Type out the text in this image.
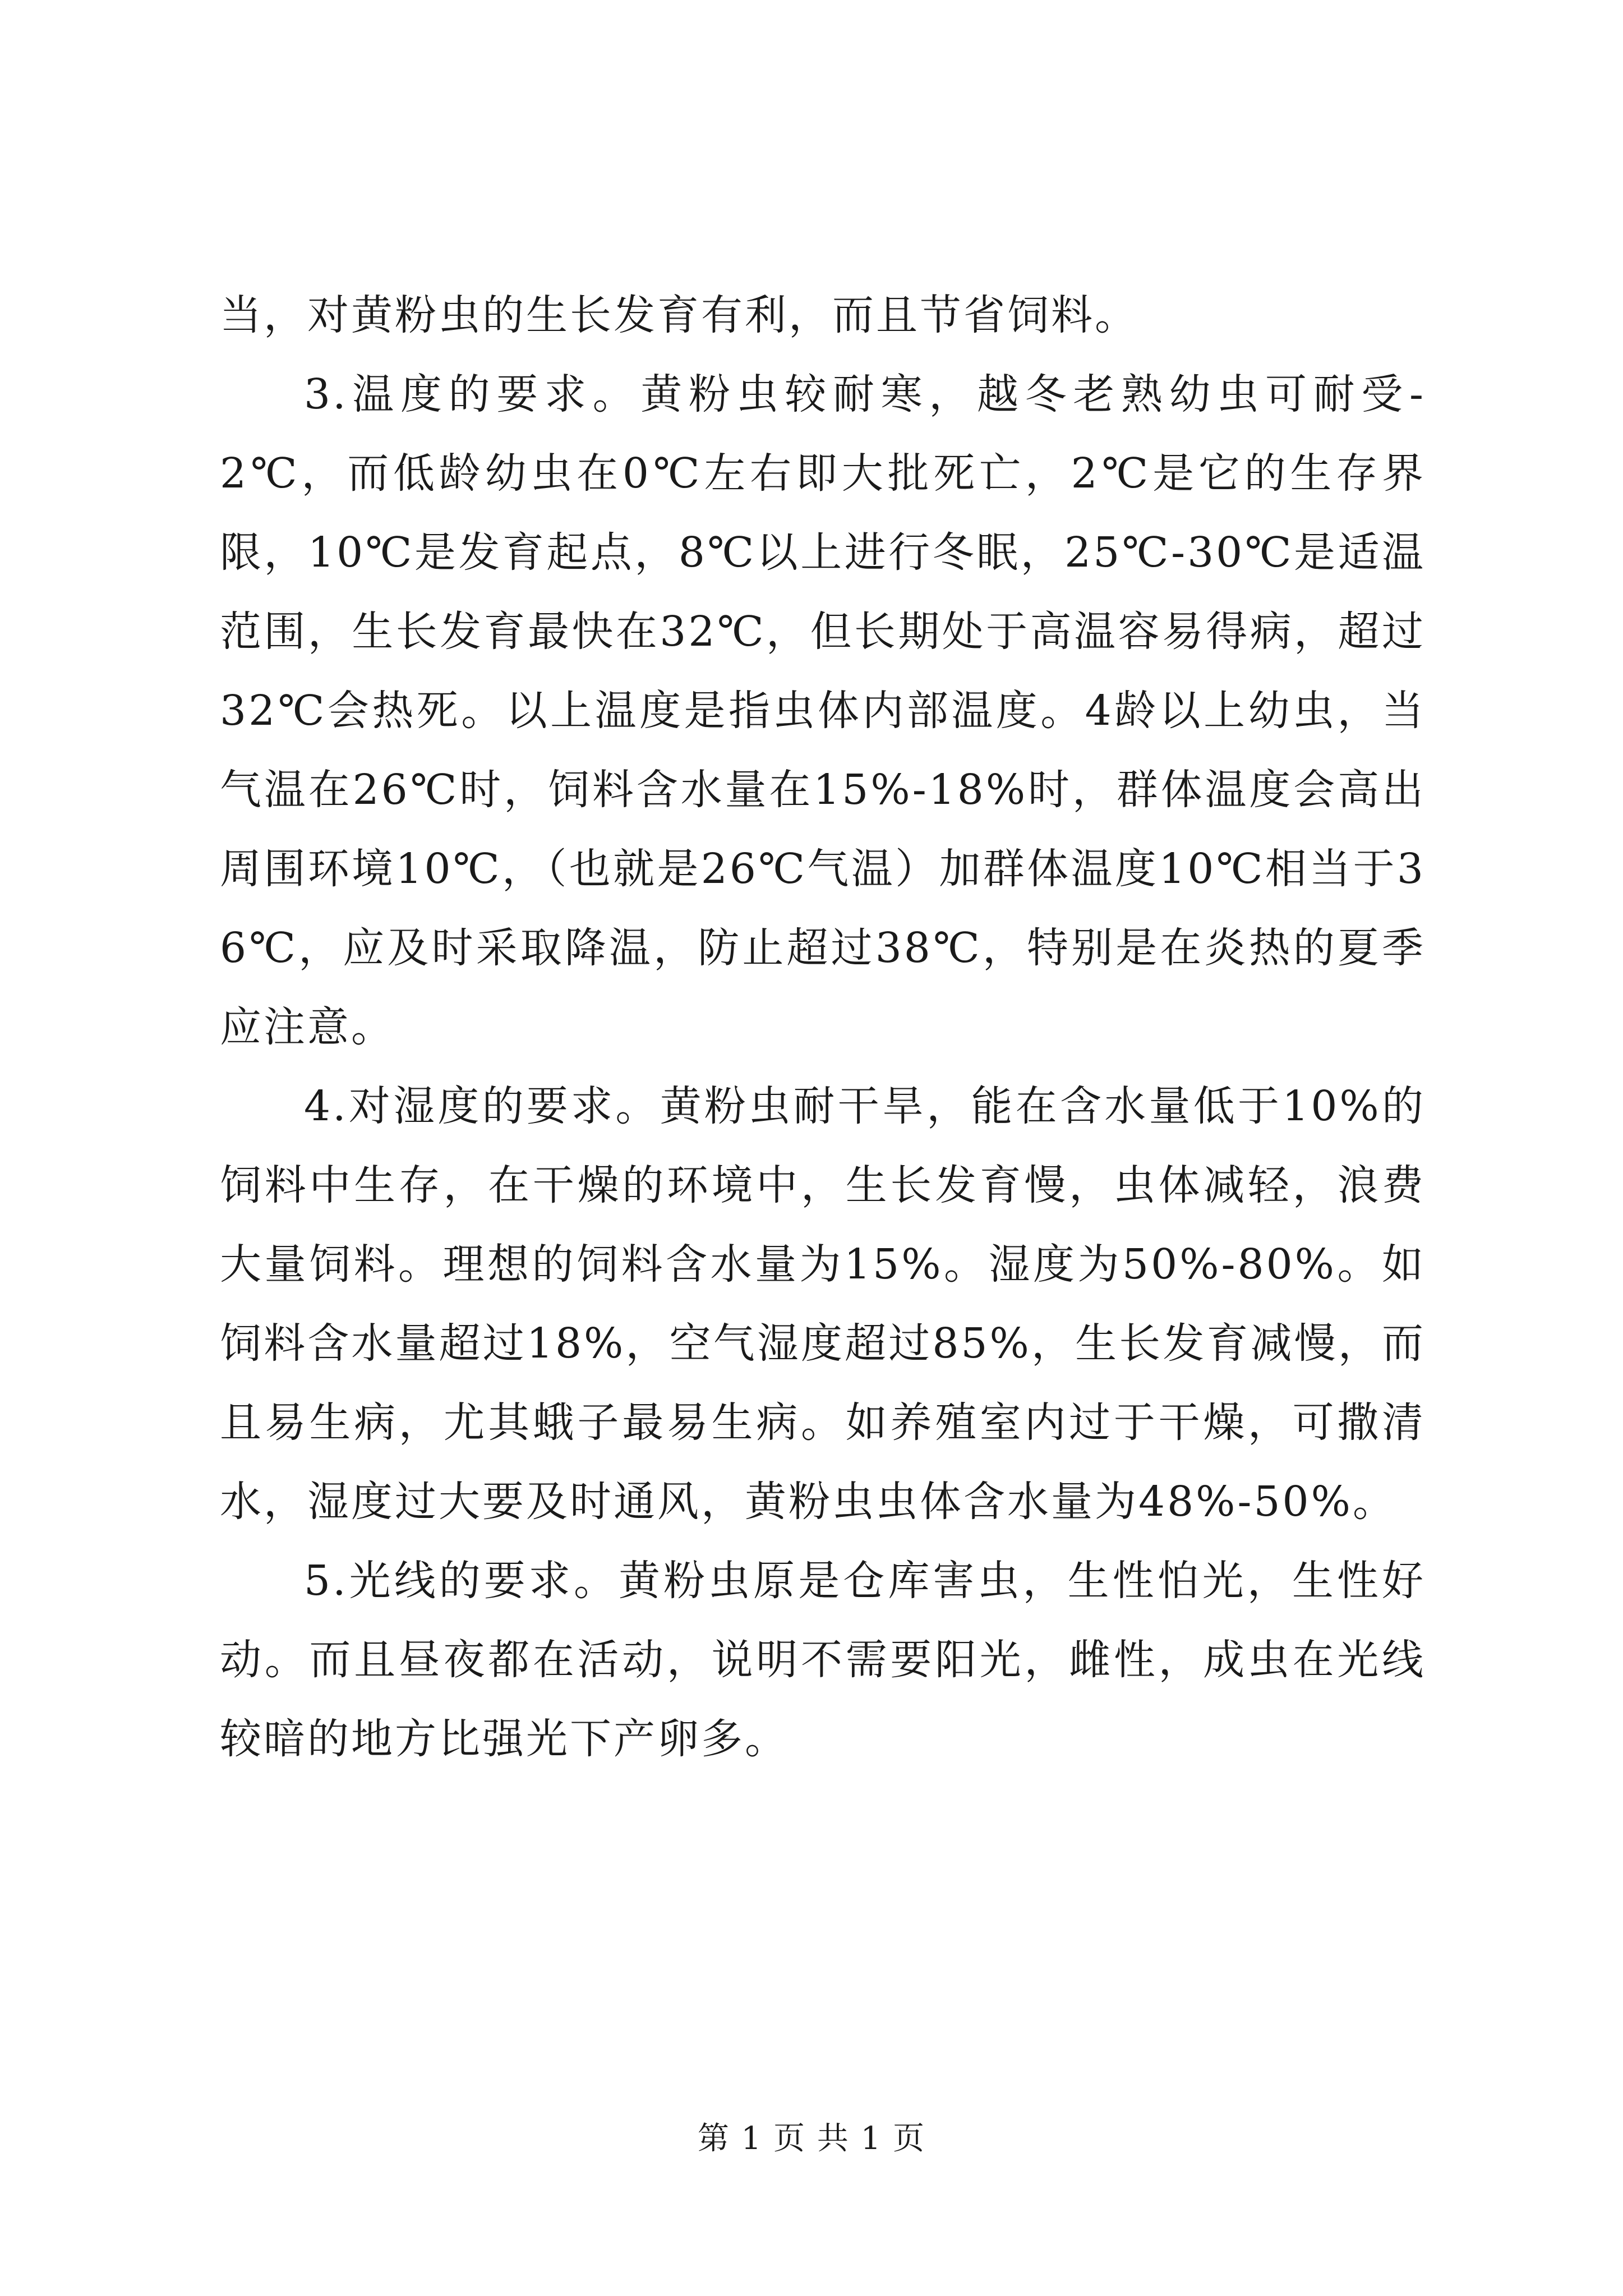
当，对黄粉虫的生长发育有利，而且节省饲料。

3.温度的要求。黄粉虫较耐寒，越冬老熟幼虫可耐受-2℃，而低龄幼虫在0℃左右即大批死亡，2℃是它的生存界限，10℃是发育起点，8℃以上进行冬眠，25℃-30℃是适温范围，生长发育最快在32℃，但长期处于高温容易得病，超过32℃会热死。以上温度是指虫体内部温度。4龄以上幼虫，当气温在26℃时，饲料含水量在15%-18%时，群体温度会高出周围环境10℃，（也就是26℃气温）加群体温度10℃相当于36℃，应及时采取降温，防止超过38℃，特别是在炎热的夏季应注意。

4.对湿度的要求。黄粉虫耐干旱，能在含水量低于10%的饲料中生存，在干燥的环境中，生长发育慢，虫体减轻，浪费大量饲料。理想的饲料含水量为15%。湿度为50%-80%。如饲料含水量超过18%，空气湿度超过85%，生长发育减慢，而且易生病，尤其蛾子最易生病。如养殖室内过于干燥，可撒清水，湿度过大要及时通风，黄粉虫虫体含水量为48%-50%。

5.光线的要求。黄粉虫原是仓库害虫，生性怕光，生性好动。而且昼夜都在活动，说明不需要阳光，雌性，成虫在光线较暗的地方比强光下产卵多。

第 1 页 共 1 页
